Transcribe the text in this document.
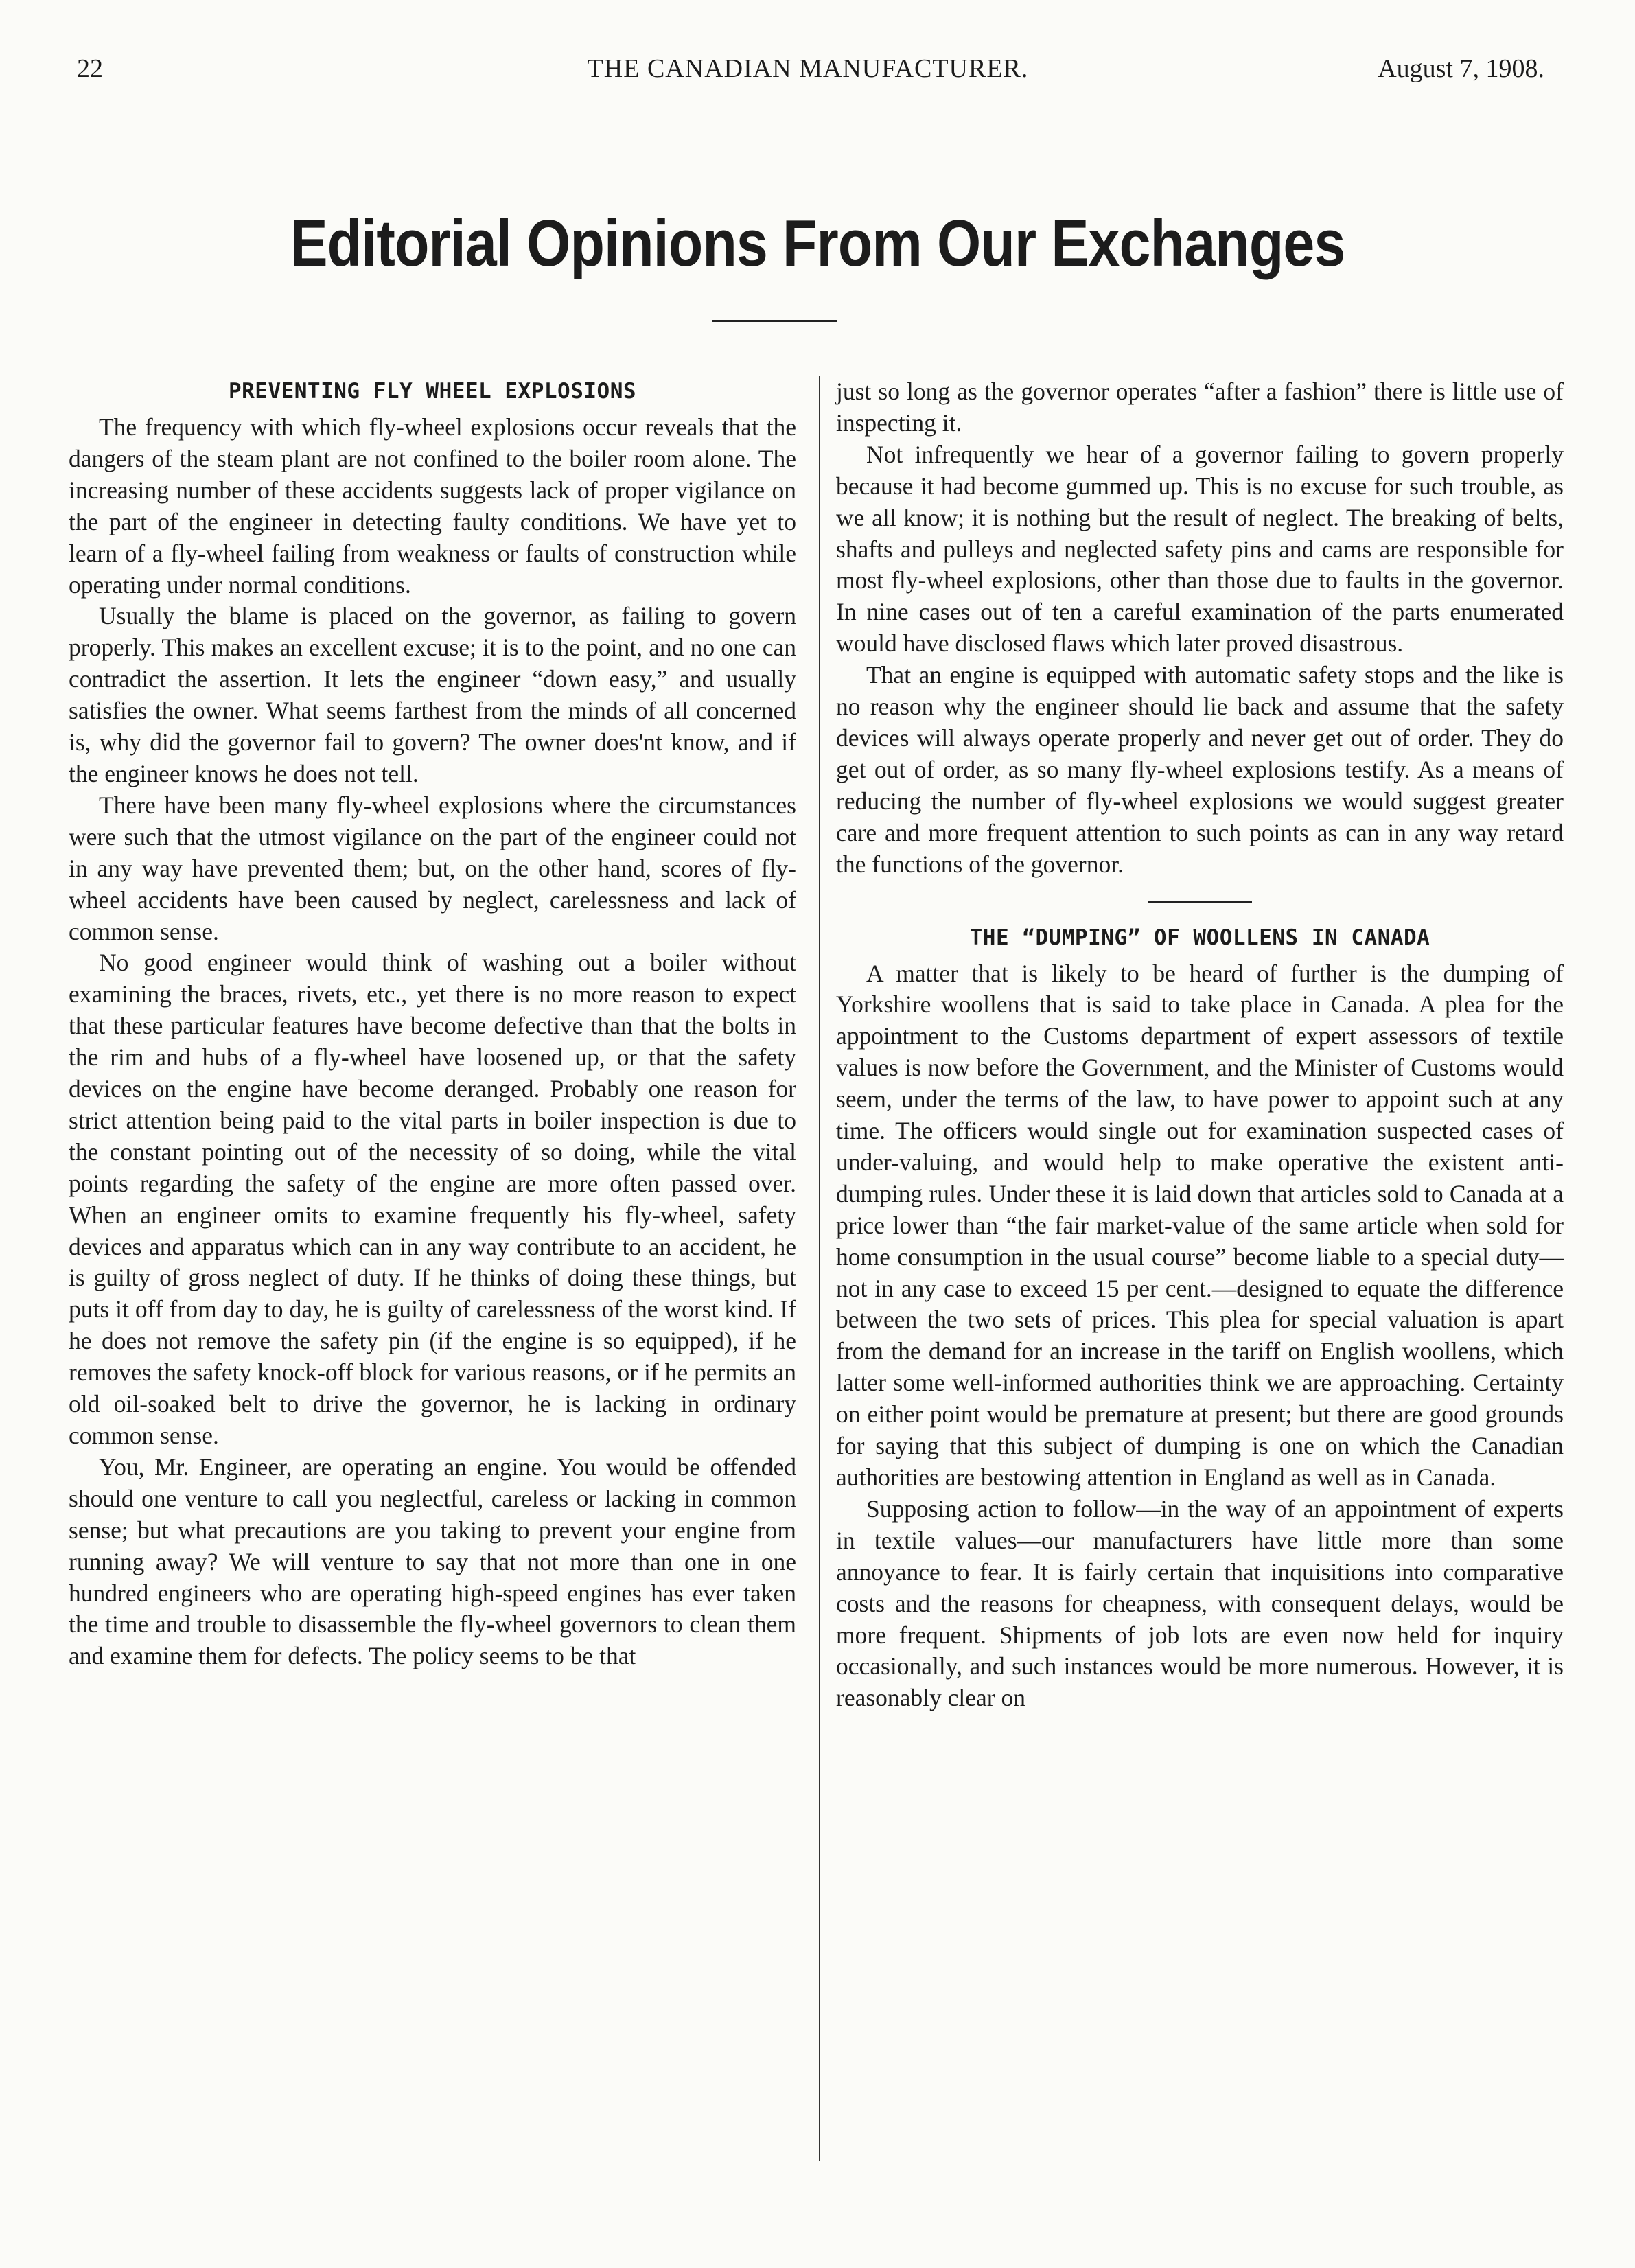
22	THE CANADIAN MANUFACTURER.	August 7, 1908.
Editorial Opinions From Our Exchanges
PREVENTING FLY WHEEL EXPLOSIONS

The frequency with which fly-wheel explosions occur reveals that the dangers of the steam plant are not confined to the boiler room alone. The increasing number of these accidents suggests lack of proper vigilance on the part of the engineer in detecting faulty conditions. We have yet to learn of a fly-wheel failing from weakness or faults of construction while operating under normal conditions.

Usually the blame is placed on the governor, as failing to govern properly. This makes an excellent excuse; it is to the point, and no one can contradict the assertion. It lets the engineer “down easy,” and usually satisfies the owner. What seems farthest from the minds of all concerned is, why did the governor fail to govern? The owner does'nt know, and if the engineer knows he does not tell.

There have been many fly-wheel explosions where the circumstances were such that the utmost vigilance on the part of the engineer could not in any way have prevented them; but, on the other hand, scores of fly-wheel accidents have been caused by neglect, carelessness and lack of common sense.

No good engineer would think of washing out a boiler without examining the braces, rivets, etc., yet there is no more reason to expect that these particular features have become defective than that the bolts in the rim and hubs of a fly-wheel have loosened up, or that the safety devices on the engine have become deranged. Probably one reason for strict attention being paid to the vital parts in boiler inspection is due to the constant pointing out of the necessity of so doing, while the vital points regarding the safety of the engine are more often passed over. When an engineer omits to examine frequently his fly-wheel, safety devices and apparatus which can in any way contribute to an accident, he is guilty of gross neglect of duty. If he thinks of doing these things, but puts it off from day to day, he is guilty of carelessness of the worst kind. If he does not remove the safety pin (if the engine is so equipped), if he removes the safety knock-off block for various reasons, or if he permits an old oil-soaked belt to drive the governor, he is lacking in ordinary common sense.

You, Mr. Engineer, are operating an engine. You would be offended should one venture to call you neglectful, careless or lacking in common sense; but what precautions are you taking to prevent your engine from running away? We will venture to say that not more than one in one hundred engineers who are operating high-speed engines has ever taken the time and trouble to disassemble the fly-wheel governors to clean them and examine them for defects. The policy seems to be that

just so long as the governor operates “after a fashion” there is little use of inspecting it.

Not infrequently we hear of a governor failing to govern properly because it had become gummed up. This is no excuse for such trouble, as we all know; it is nothing but the result of neglect. The breaking of belts, shafts and pulleys and neglected safety pins and cams are responsible for most fly-wheel explosions, other than those due to faults in the governor. In nine cases out of ten a careful examination of the parts enumerated would have disclosed flaws which later proved disastrous.

That an engine is equipped with automatic safety stops and the like is no reason why the engineer should lie back and assume that the safety devices will always operate properly and never get out of order. They do get out of order, as so many fly-wheel explosions testify. As a means of reducing the number of fly-wheel explosions we would suggest greater care and more frequent attention to such points as can in any way retard the functions of the governor.

THE “DUMPING” OF WOOLLENS IN CANADA

A matter that is likely to be heard of further is the dumping of Yorkshire woollens that is said to take place in Canada. A plea for the appointment to the Customs department of expert assessors of textile values is now before the Government, and the Minister of Customs would seem, under the terms of the law, to have power to appoint such at any time. The officers would single out for examination suspected cases of under-valuing, and would help to make operative the existent anti-dumping rules. Under these it is laid down that articles sold to Canada at a price lower than “the fair market-value of the same article when sold for home consumption in the usual course” become liable to a special duty—not in any case to exceed 15 per cent.—designed to equate the difference between the two sets of prices. This plea for special valuation is apart from the demand for an increase in the tariff on English woollens, which latter some well-informed authorities think we are approaching. Certainty on either point would be premature at present; but there are good grounds for saying that this subject of dumping is one on which the Canadian authorities are bestowing attention in England as well as in Canada.

Supposing action to follow—in the way of an appointment of experts in textile values—our manufacturers have little more than some annoyance to fear. It is fairly certain that inquisitions into comparative costs and the reasons for cheapness, with consequent delays, would be more frequent. Shipments of job lots are even now held for inquiry occasionally, and such instances would be more numerous. However, it is reasonably clear on
